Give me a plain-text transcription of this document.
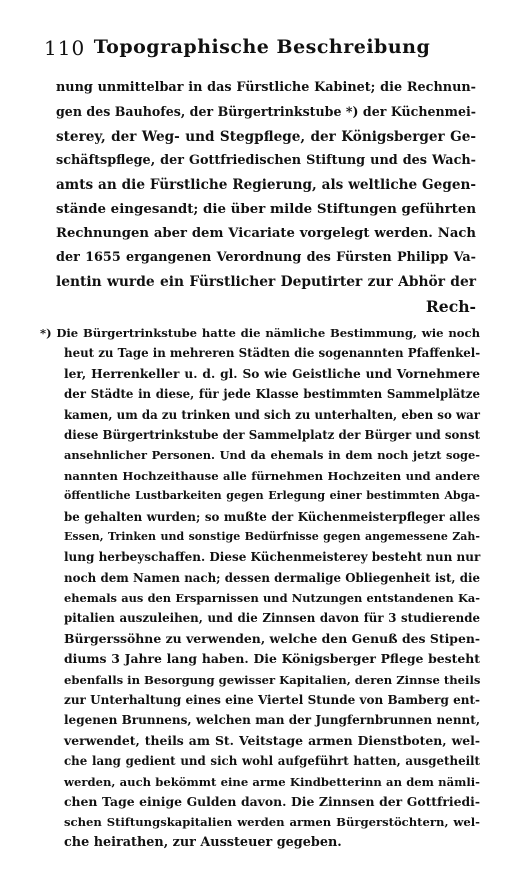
110 Topographische Beschreibung
nung unmittelbar in das Fürstliche Kabinet; die Rechnun-
gen des Bauhofes, der Bürgertrinkstube *) der Küchenmei-
sterey, der Weg- und Stegpflege, der Königsberger Ge-
schäftspflege, der Gottfriedischen Stiftung und des Wach-
amts an die Fürstliche Regierung, als weltliche Gegen-
stände eingesandt; die über milde Stiftungen geführten
Rechnungen aber dem Vicariate vorgelegt werden. Nach
der 1655 ergangenen Verordnung des Fürsten Philipp Va-
lentin wurde ein Fürstlicher Deputirter zur Abhör der
Rech-
*) Die Bürgertrinkstube hatte die nämliche Bestimmung, wie noch
heut zu Tage in mehreren Städten die sogenannten Pfaffenkel-
ler, Herrenkeller u. d. gl. So wie Geistliche und Vornehmere
der Städte in diese, für jede Klasse bestimmten Sammelplätze
kamen, um da zu trinken und sich zu unterhalten, eben so war
diese Bürgertrinkstube der Sammelplatz der Bürger und sonst
ansehnlicher Personen. Und da ehemals in dem noch jetzt soge-
nannten Hochzeithause alle fürnehmen Hochzeiten und andere
öffentliche Lustbarkeiten gegen Erlegung einer bestimmten Abga-
be gehalten wurden; so mußte der Küchenmeisterpfleger alles
Essen, Trinken und sonstige Bedürfnisse gegen angemessene Zah-
lung herbeyschaffen. Diese Küchenmeisterey besteht nun nur
noch dem Namen nach; dessen dermalige Obliegenheit ist, die
ehemals aus den Ersparnissen und Nutzungen entstandenen Ka-
pitalien auszuleihen, und die Zinnsen davon für 3 studierende
Bürgerssöhne zu verwenden, welche den Genuß des Stipen-
diums 3 Jahre lang haben. Die Königsberger Pflege besteht
ebenfalls in Besorgung gewisser Kapitalien, deren Zinnse theils
zur Unterhaltung eines eine Viertel Stunde von Bamberg ent-
legenen Brunnens, welchen man der Jungfernbrunnen nennt,
verwendet, theils am St. Veitstage armen Dienstboten, wel-
che lang gedient und sich wohl aufgeführt hatten, ausgetheilt
werden, auch bekömmt eine arme Kindbetterinn an dem nämli-
chen Tage einige Gulden davon. Die Zinnsen der Gottfriedi-
schen Stiftungskapitalien werden armen Bürgerstöchtern, wel-
che heirathen, zur Aussteuer gegeben.
